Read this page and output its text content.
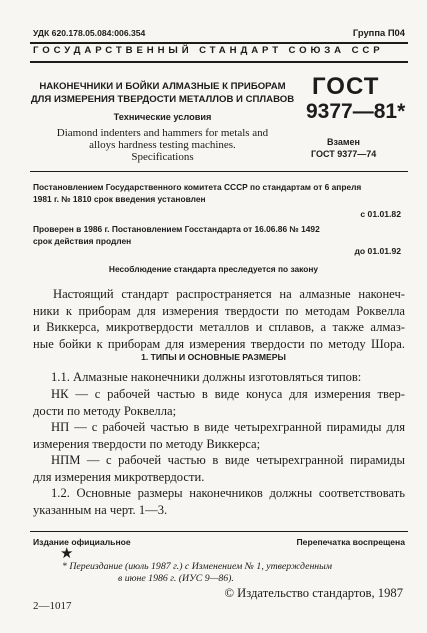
УДК 620.178.05.084:006.354	Группа П04
ГОСУДАРСТВЕННЫЙ СТАНДАРТ СОЮЗА ССР
НАКОНЕЧНИКИ И БОЙКИ АЛМАЗНЫЕ К ПРИБОРАМ
ДЛЯ ИЗМЕРЕНИЯ ТВЕРДОСТИ МЕТАЛЛОВ И СПЛАВОВ
Технические условия
Diamond indenters and hammers for metals and
alloys hardness testing machines.
Specifications
ГОСТ
9377—81*
Взамен
ГОСТ 9377—74
Постановлением Государственного комитета СССР по стандартам от 6 апреля
1981 г. № 1810 срок введения установлен
с 01.01.82
Проверен в 1986 г. Постановлением Госстандарта от 16.06.86 № 1492
срок действия продлен
до 01.01.92
Несоблюдение стандарта преследуется по закону
Настоящий стандарт распространяется на алмазные наконеч-
ники к приборам для измерения твердости по методам Роквелла
и Виккерса, микротвердости металлов и сплавов, а также алмаз-
ные бойки к приборам для измерения твердости по методу Шора.
1. ТИПЫ И ОСНОВНЫЕ РАЗМЕРЫ
1.1. Алмазные наконечники должны изготовляться типов:
НК — с рабочей частью в виде конуса для измерения твер-
дости по методу Роквелла;
НП — с рабочей частью в виде четырехгранной пирамиды для
измерения твердости по методу Виккерса;
НПМ — с рабочей частью в виде четырехгранной пирамиды
для измерения микротвердости.
1.2. Основные размеры наконечников должны соответствовать
указанным на черт. 1—3.
Издание официальное	Перепечатка воспрещена
★
* Переиздание (июль 1987 г.) с Изменением № 1, утвержденным
в июне 1986 г. (ИУС 9—86).
2—1017
© Издательство стандартов, 1987
